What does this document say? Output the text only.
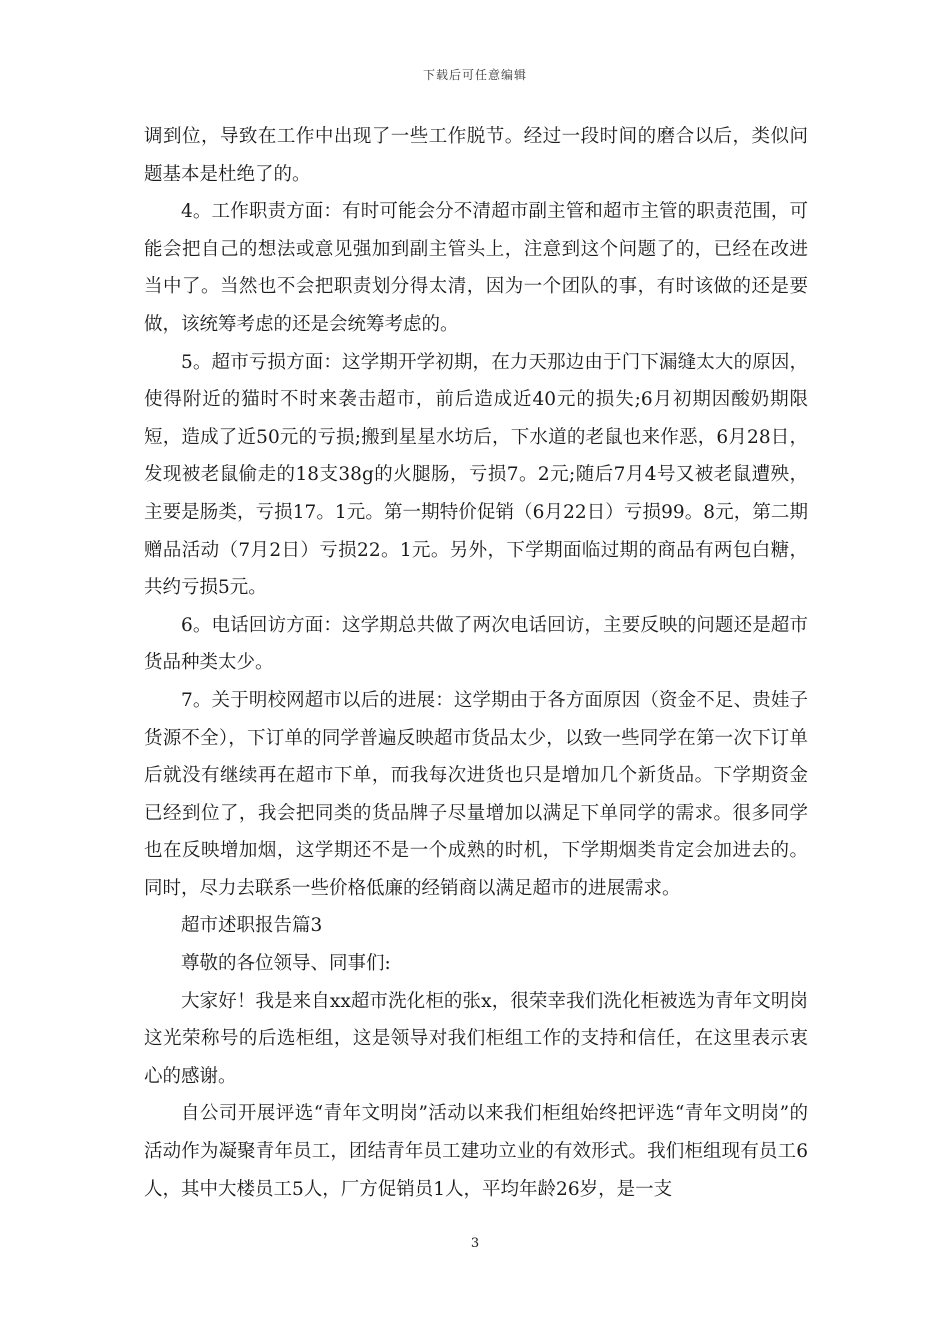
下载后可任意编辑

调到位，导致在工作中出现了一些工作脱节。经过一段时间的磨合以后，类似问题基本是杜绝了的。

4。工作职责方面：有时可能会分不清超市副主管和超市主管的职责范围，可能会把自己的想法或意见强加到副主管头上，注意到这个问题了的，已经在改进当中了。当然也不会把职责划分得太清，因为一个团队的事，有时该做的还是要做，该统筹考虑的还是会统筹考虑的。

5。超市亏损方面：这学期开学初期，在力天那边由于门下漏缝太大的原因，使得附近的猫时不时来袭击超市，前后造成近40元的损失;6月初期因酸奶期限短，造成了近50元的亏损;搬到星星水坊后，下水道的老鼠也来作恶，6月28日，发现被老鼠偷走的18支38g的火腿肠，亏损7。2元;随后7月4号又被老鼠遭殃，主要是肠类，亏损17。1元。第一期特价促销（6月22日）亏损99。8元，第二期赠品活动（7月2日）亏损22。1元。另外，下学期面临过期的商品有两包白糖，共约亏损5元。

6。电话回访方面：这学期总共做了两次电话回访，主要反映的问题还是超市货品种类太少。

7。关于明校网超市以后的进展：这学期由于各方面原因（资金不足、贵娃子货源不全），下订单的同学普遍反映超市货品太少，以致一些同学在第一次下订单后就没有继续再在超市下单，而我每次进货也只是增加几个新货品。下学期资金已经到位了，我会把同类的货品牌子尽量增加以满足下单同学的需求。很多同学也在反映增加烟，这学期还不是一个成熟的时机，下学期烟类肯定会加进去的。同时，尽力去联系一些价格低廉的经销商以满足超市的进展需求。

超市述职报告篇3

尊敬的各位领导、同事们:

大家好！我是来自xx超市洗化柜的张x，很荣幸我们洗化柜被选为青年文明岗这光荣称号的后选柜组，这是领导对我们柜组工作的支持和信任，在这里表示衷心的感谢。

自公司开展评选“青年文明岗”活动以来我们柜组始终把评选“青年文明岗”的活动作为凝聚青年员工，团结青年员工建功立业的有效形式。我们柜组现有员工6人，其中大楼员工5人，厂方促销员1人，平均年龄26岁，是一支

3
